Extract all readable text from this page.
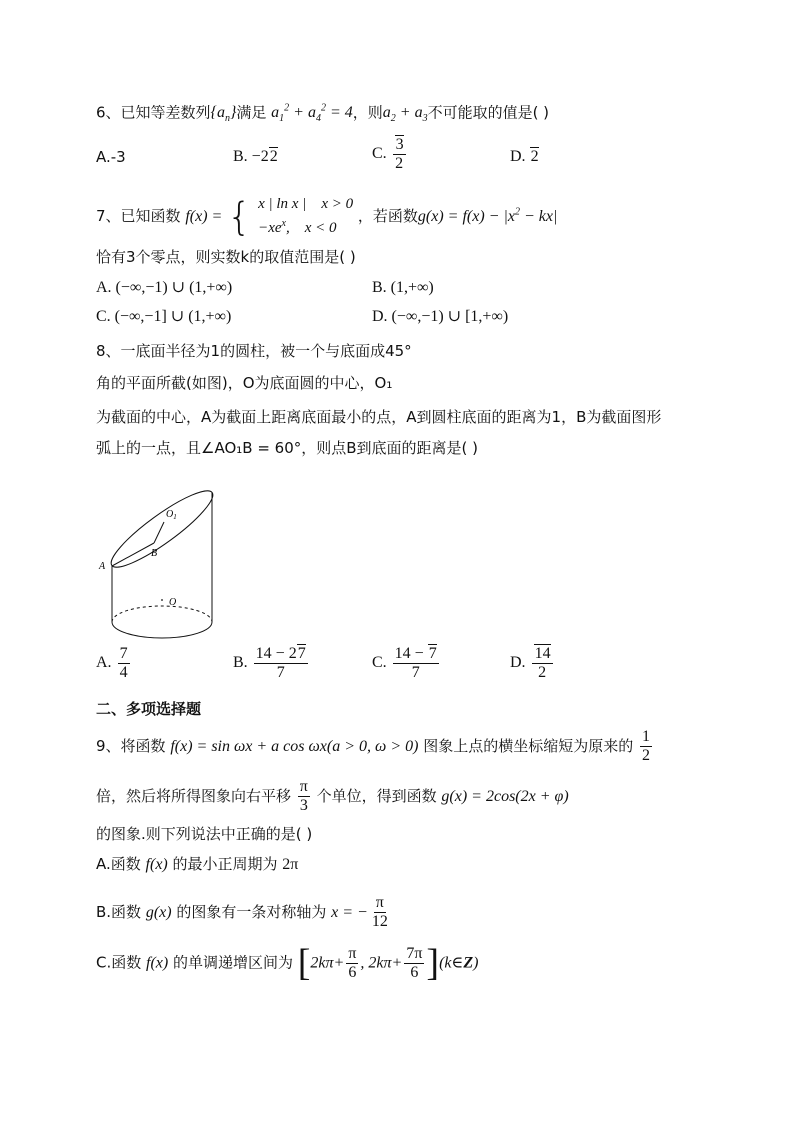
6、已知等差数列$\{a_n\}$满足 $a_1^2 + a_4^2 = 4$，则$a_2 + a_3$不可能取的值是( )
A.-3	B. −22	C. $\frac{3}{2}$	D. 2
7、已知函数 f(x) = { x | ln x | x > 0
$-xe^x$, x < 0
，若函数$g(x) = f(x) - |x^2 - kx|$
恰有3个零点，则实数k的取值范围是( )
A. (−∞,−1) ∪ (1,+∞)	B. (1,+∞)
C. (−∞,−1] ∪ (1,+∞)	D. (−∞,−1) ∪ [1,+∞)
8、一底面半径为1的圆柱，被一个与底面成45°
角的平面所截(如图)，O为底面圆的中心，O₁
为截面的中心，A为截面上距离底面最小的点，A到圆柱底面的距离为1，B为截面图形
弧上的一点，且∠AO₁B = 60°，则点B到底面的距离是( )
$O_1$
B
A
O
A. $\frac{7}{4}$	B. $\frac{14 - 27}{7}$	C. $\frac{14 - 7}{7}$	D. $\frac{14}{2}$
二、多项选择题
9、将函数 f(x) = sin ωx + a cos ωx(a > 0, ω > 0) 图象上点的横坐标缩短为原来的 $\frac{1}{2}$
倍，然后将所得图象向右平移 $\frac{\pi}{3}$ 个单位，得到函数 g(x) = 2cos(2x + φ)
的图象.则下列说法中正确的是( )
A.函数 f(x) 的最小正周期为 2π
B.函数 g(x) 的图象有一条对称轴为 x = − $\frac{\pi}{12}$
C.函数 f(x) 的单调递增区间为 [$2k\pi+ \frac{\pi}{6}$ , $2k\pi+ \frac{7\pi}{6}$ ](k∈Z)
